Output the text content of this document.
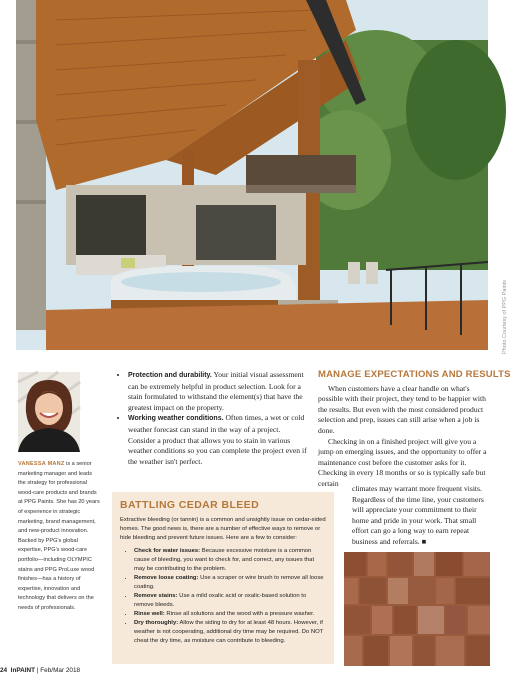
Photo Courtesy of PPG Paints
VANESSA MANZ is a senior marketing manager and leads the strategy for professional wood-care products and brands at PPG Paints. She has 20 years of experience in strategic marketing, brand management, and new-product innovation. Backed by PPG's global expertise, PPG's wood-care portfolio—including OLYMPIC stains and PPG ProLuxe wood finishes—has a history of expertise, innovation and technology that delivers on the needs of professionals.
• Protection and durability. Your initial visual assessment can be extremely helpful in product selection. Look for a stain formulated to withstand the element(s) that have the greatest impact on the property.
• Working weather conditions. Often times, a wet or cold weather forecast can stand in the way of a project. Consider a product that allows you to stain in various weather conditions so you can complete the project even if the weather isn't perfect.
MANAGE EXPECTATIONS AND RESULTS

When customers have a clear handle on what's possible with their project, they tend to be happier with the results. But even with the most considered product selection and prep, issues can still arise when a job is done.

Checking in on a finished project will give you a jump on emerging issues, and the opportunity to offer a maintenance cost before the customer asks for it. Checking in every 18 months or so is typically safe but certain

BATTLING CEDAR BLEED

Extractive bleeding (or tannin) is a common and unsightly issue on cedar-sided homes. The good news is, there are a number of effective ways to remove or hide bleeding and prevent future issues. Here are a few to consider:

• Check for water issues: Because excessive moisture is a common cause of bleeding, you want to check for, and correct, any issues that may be contributing to the problem.
• Remove loose coating: Use a scraper or wire brush to remove all loose coating.
• Remove stains: Use a mild oxalic acid or oxalic-based solution to remove bleeds.
• Rinse well: Rinse all solutions and the wood with a pressure washer.
• Dry thoroughly: Allow the siding to dry for at least 48 hours. However, if weather is not cooperating, additional dry time may be required. Do NOT cheat the dry time, as moisture can contribute to bleeding.

climates may warrant more frequent visits. Regardless of the time line, your customers will appreciate your commitment to their home and pride in your work. That small effort can go a long way to earn repeat business and referrals. ■

24 InPAINT | Feb/Mar 2018
